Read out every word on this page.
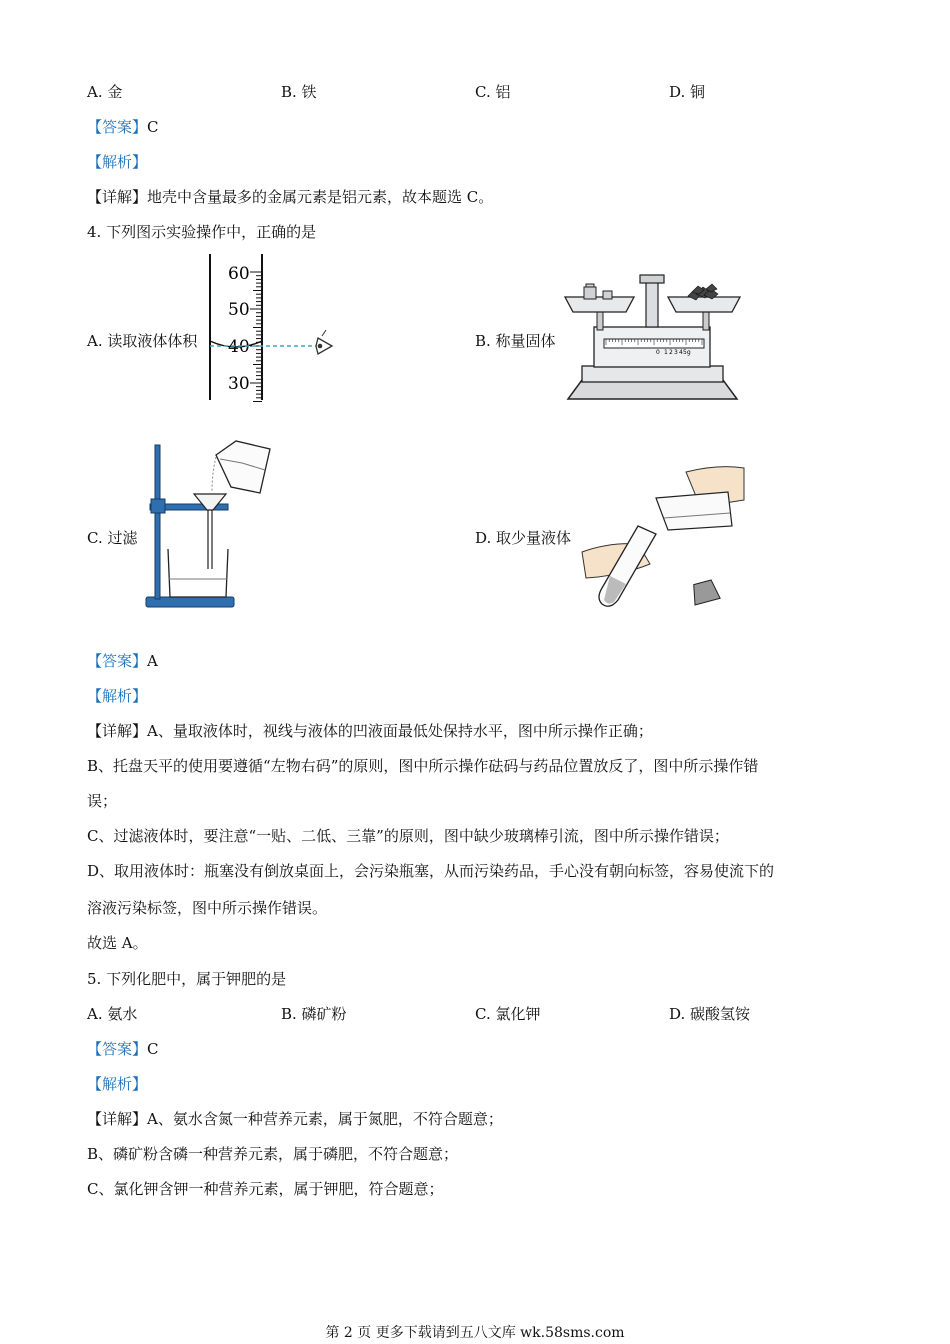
A. 金	B. 铁	C. 铝	D. 铜
【答案】C
【解析】
【详解】地壳中含量最多的金属元素是铝元素，故本题选 C。
4. 下列图示实验操作中，正确的是
A. 读取液体体积
60
50
40
30
B. 称量固体
0 1 2 3 4 5g
C. 过滤	D. 取少量液体
【答案】A
【解析】
【详解】A、量取液体时，视线与液体的凹液面最低处保持水平，图中所示操作正确；
B、托盘天平的使用要遵循“左物右码”的原则，图中所示操作砝码与药品位置放反了，图中所示操作错
误；
C、过滤液体时，要注意“一贴、二低、三靠”的原则，图中缺少玻璃棒引流，图中所示操作错误；
D、取用液体时：瓶塞没有倒放桌面上，会污染瓶塞，从而污染药品，手心没有朝向标签，容易使流下的
溶液污染标签，图中所示操作错误。
故选 A。
5. 下列化肥中，属于钾肥的是
A. 氨水	B. 磷矿粉	C. 氯化钾	D. 碳酸氢铵
【答案】C
【解析】
【详解】A、氨水含氮一种营养元素，属于氮肥，不符合题意；
B、磷矿粉含磷一种营养元素，属于磷肥，不符合题意；
C、氯化钾含钾一种营养元素，属于钾肥，符合题意；
第 2 页 更多下载请到五八文库 wk.58sms.com
